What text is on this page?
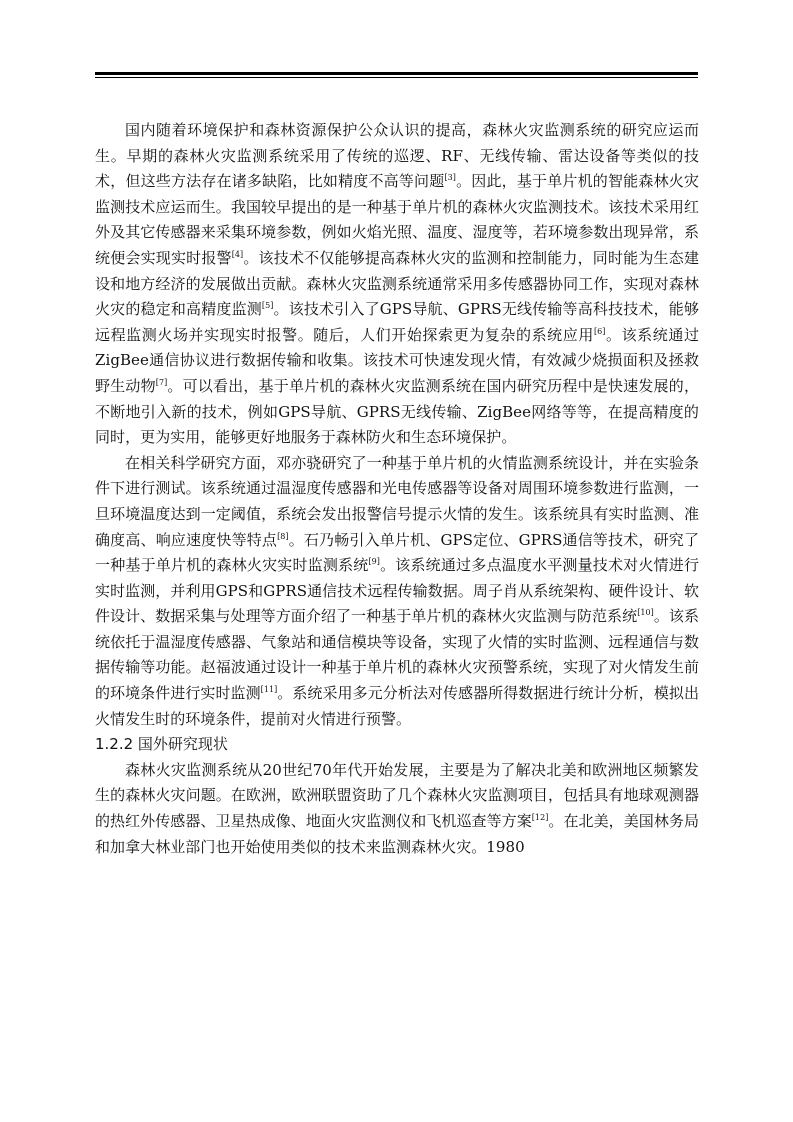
国内随着环境保护和森林资源保护公众认识的提高，森林火灾监测系统的研究应运而生。早期的森林火灾监测系统采用了传统的巡逻、RF、无线传输、雷达设备等类似的技术，但这些方法存在诸多缺陷，比如精度不高等问题[3]。因此，基于单片机的智能森林火灾监测技术应运而生。我国较早提出的是一种基于单片机的森林火灾监测技术。该技术采用红外及其它传感器来采集环境参数，例如火焰光照、温度、湿度等，若环境参数出现异常，系统便会实现实时报警[4]。该技术不仅能够提高森林火灾的监测和控制能力，同时能为生态建设和地方经济的发展做出贡献。森林火灾监测系统通常采用多传感器协同工作，实现对森林火灾的稳定和高精度监测[5]。该技术引入了GPS导航、GPRS无线传输等高科技技术，能够远程监测火场并实现实时报警。随后，人们开始探索更为复杂的系统应用[6]。该系统通过ZigBee通信协议进行数据传输和收集。该技术可快速发现火情，有效减少烧损面积及拯救野生动物[7]。可以看出，基于单片机的森林火灾监测系统在国内研究历程中是快速发展的，不断地引入新的技术，例如GPS导航、GPRS无线传输、ZigBee网络等等，在提高精度的同时，更为实用，能够更好地服务于森林防火和生态环境保护。

在相关科学研究方面，邓亦骁研究了一种基于单片机的火情监测系统设计，并在实验条件下进行测试。该系统通过温湿度传感器和光电传感器等设备对周围环境参数进行监测，一旦环境温度达到一定阈值，系统会发出报警信号提示火情的发生。该系统具有实时监测、准确度高、响应速度快等特点[8]。石乃畅引入单片机、GPS定位、GPRS通信等技术，研究了一种基于单片机的森林火灾实时监测系统[9]。该系统通过多点温度水平测量技术对火情进行实时监测，并利用GPS和GPRS通信技术远程传输数据。周子肖从系统架构、硬件设计、软件设计、数据采集与处理等方面介绍了一种基于单片机的森林火灾监测与防范系统[10]。该系统依托于温湿度传感器、气象站和通信模块等设备，实现了火情的实时监测、远程通信与数据传输等功能。赵福波通过设计一种基于单片机的森林火灾预警系统，实现了对火情发生前的环境条件进行实时监测[11]。系统采用多元分析法对传感器所得数据进行统计分析，模拟出火情发生时的环境条件，提前对火情进行预警。

1.2.2 国外研究现状

森林火灾监测系统从20世纪70年代开始发展，主要是为了解决北美和欧洲地区频繁发生的森林火灾问题。在欧洲，欧洲联盟资助了几个森林火灾监测项目，包括具有地球观测器的热红外传感器、卫星热成像、地面火灾监测仪和飞机巡查等方案[12]。在北美，美国林务局和加拿大林业部门也开始使用类似的技术来监测森林火灾。1980
